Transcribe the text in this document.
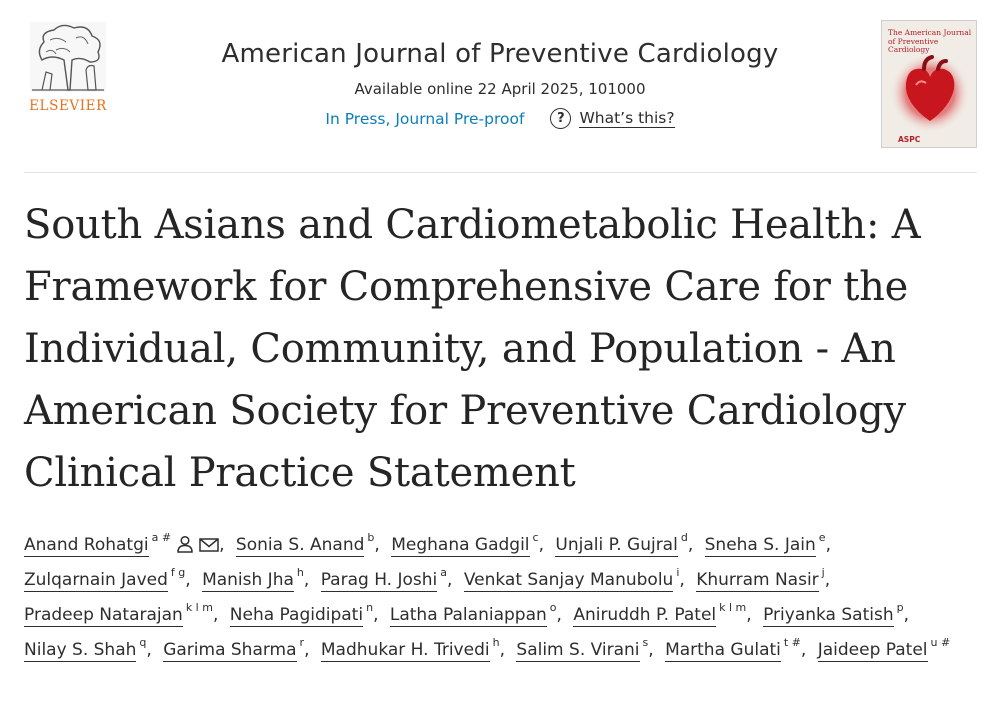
ELSEVIER
American Journal of Preventive Cardiology
Available online 22 April 2025, 101000
In Press, Journal Pre-proof	? What’s this?
The American Journal of Preventive Cardiology
ASPC
South Asians and Cardiometabolic Health: A Framework for Comprehensive Care for the Individual, Community, and Population - An American Society for Preventive Cardiology Clinical Practice Statement
Anand Rohatgi $^{a \#}$	, Sonia S. Anand $^b$, Meghana Gadgil $^c$, Unjali P. Gujral $^d$, Sneha S. Jain $^e$, Zulqarnain Javed $^{f g}$, Manish Jha $^h$, Parag H. Joshi $^a$, Venkat Sanjay Manubolu $^i$, Khurram Nasir $^j$, Pradeep Natarajan $^{k l m}$, Neha Pagidipati $^n$, Latha Palaniappan $^o$, Aniruddh P. Patel $^{k l m}$, Priyanka Satish $^p$, Nilay S. Shah $^q$, Garima Sharma $^r$, Madhukar H. Trivedi $^h$, Salim S. Virani $^s$, Martha Gulati $^{t \#}$, Jaideep Patel $^{u \#}$
